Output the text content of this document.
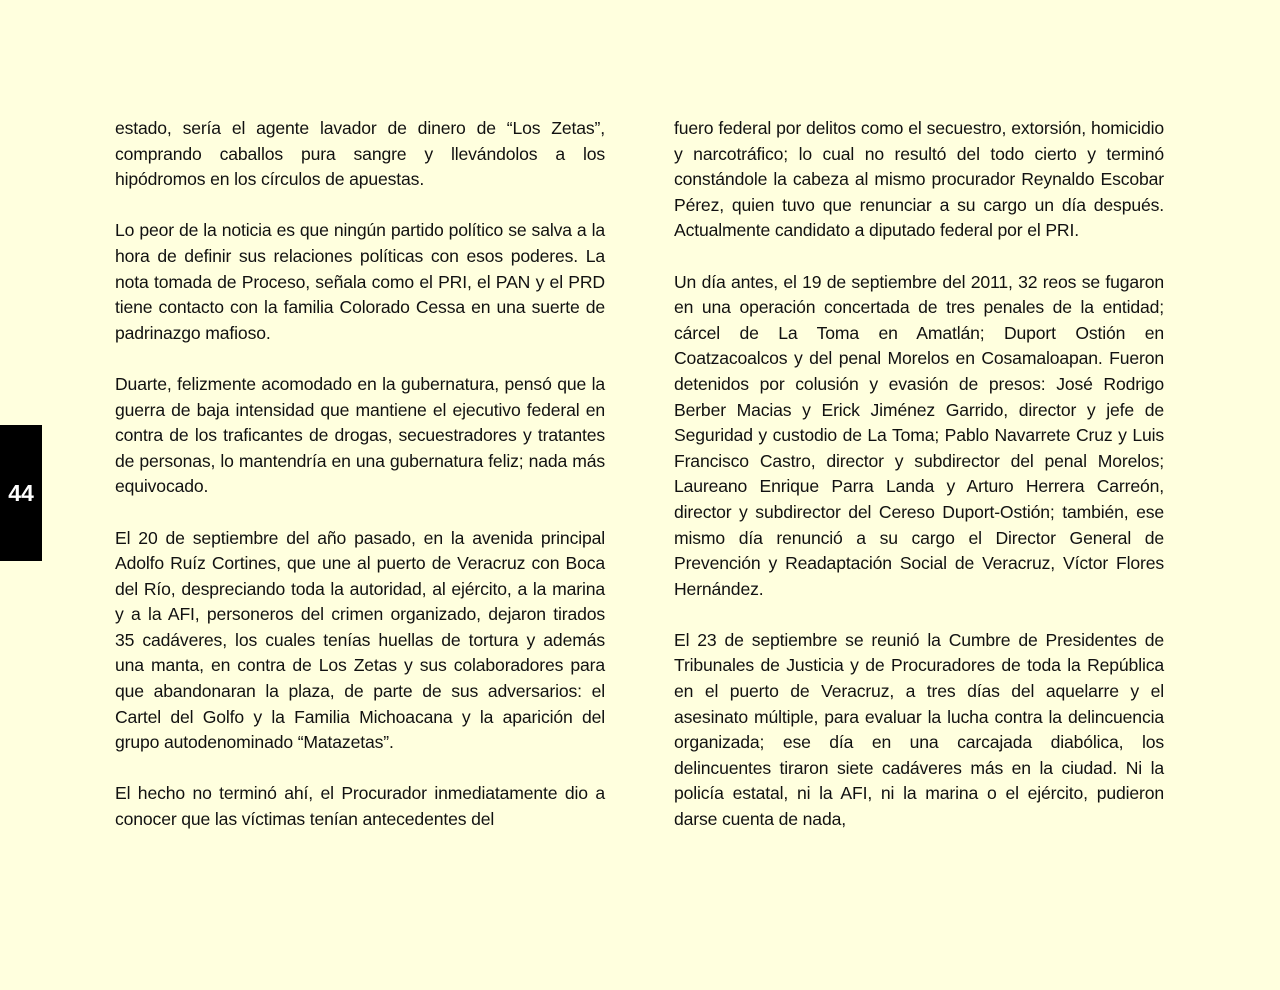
44

estado, sería el agente lavador de dinero de “Los Zetas”, comprando caballos pura sangre y llevándolos a los hipódromos en los círculos de apuestas.

Lo peor de la noticia es que ningún partido político se salva a la hora de definir sus relaciones políticas con esos poderes. La nota tomada de Proceso, señala como el PRI, el PAN y el PRD tiene contacto con la familia Colorado Cessa en una suerte de padrinazgo mafioso.

Duarte, felizmente acomodado en la gubernatura, pensó que la guerra de baja intensidad que mantiene el ejecutivo federal en contra de los traficantes de drogas, secuestradores y tratantes de personas, lo mantendría en una gubernatura feliz; nada más equivocado.

El 20 de septiembre del año pasado, en la avenida principal Adolfo Ruíz Cortines, que une al puerto de Veracruz con Boca del Río, despreciando toda la autoridad, al ejército, a la marina y a la AFI, personeros del crimen organizado, dejaron tirados 35 cadáveres, los cuales tenías huellas de tortura y además una manta, en contra de Los Zetas y sus colaboradores para que abandonaran la plaza, de parte de sus adversarios: el Cartel del Golfo y la Familia Michoacana y la aparición del grupo autodenominado “Matazetas”.

El hecho no terminó ahí, el Procurador inmediatamente dio a conocer que las víctimas tenían antecedentes del

fuero federal por delitos como el secuestro, extorsión, homicidio y narcotráfico; lo cual no resultó del todo cierto y terminó constándole la cabeza al mismo procurador Reynaldo Escobar Pérez, quien tuvo que renunciar a su cargo un día después. Actualmente candidato a diputado federal por el PRI.

Un día antes, el 19 de septiembre del 2011, 32 reos se fugaron en una operación concertada de tres penales de la entidad; cárcel de La Toma en Amatlán; Duport Ostión en Coatzacoalcos y del penal Morelos en Cosamaloapan. Fueron detenidos por colusión y evasión de presos: José Rodrigo Berber Macias y Erick Jiménez Garrido, director y jefe de Seguridad y custodio de La Toma; Pablo Navarrete Cruz y Luis Francisco Castro, director y subdirector del penal Morelos; Laureano Enrique Parra Landa y Arturo Herrera Carreón, director y subdirector del Cereso Duport-Ostión; también, ese mismo día renunció a su cargo el Director General de Prevención y Readaptación Social de Veracruz, Víctor Flores Hernández.

El 23 de septiembre se reunió la Cumbre de Presidentes de Tribunales de Justicia y de Procuradores de toda la República en el puerto de Veracruz, a tres días del aquelarre y el asesinato múltiple, para evaluar la lucha contra la delincuencia organizada; ese día en una carcajada diabólica, los delincuentes tiraron siete cadáveres más en la ciudad. Ni la policía estatal, ni la AFI, ni la marina o el ejército, pudieron darse cuenta de nada,
